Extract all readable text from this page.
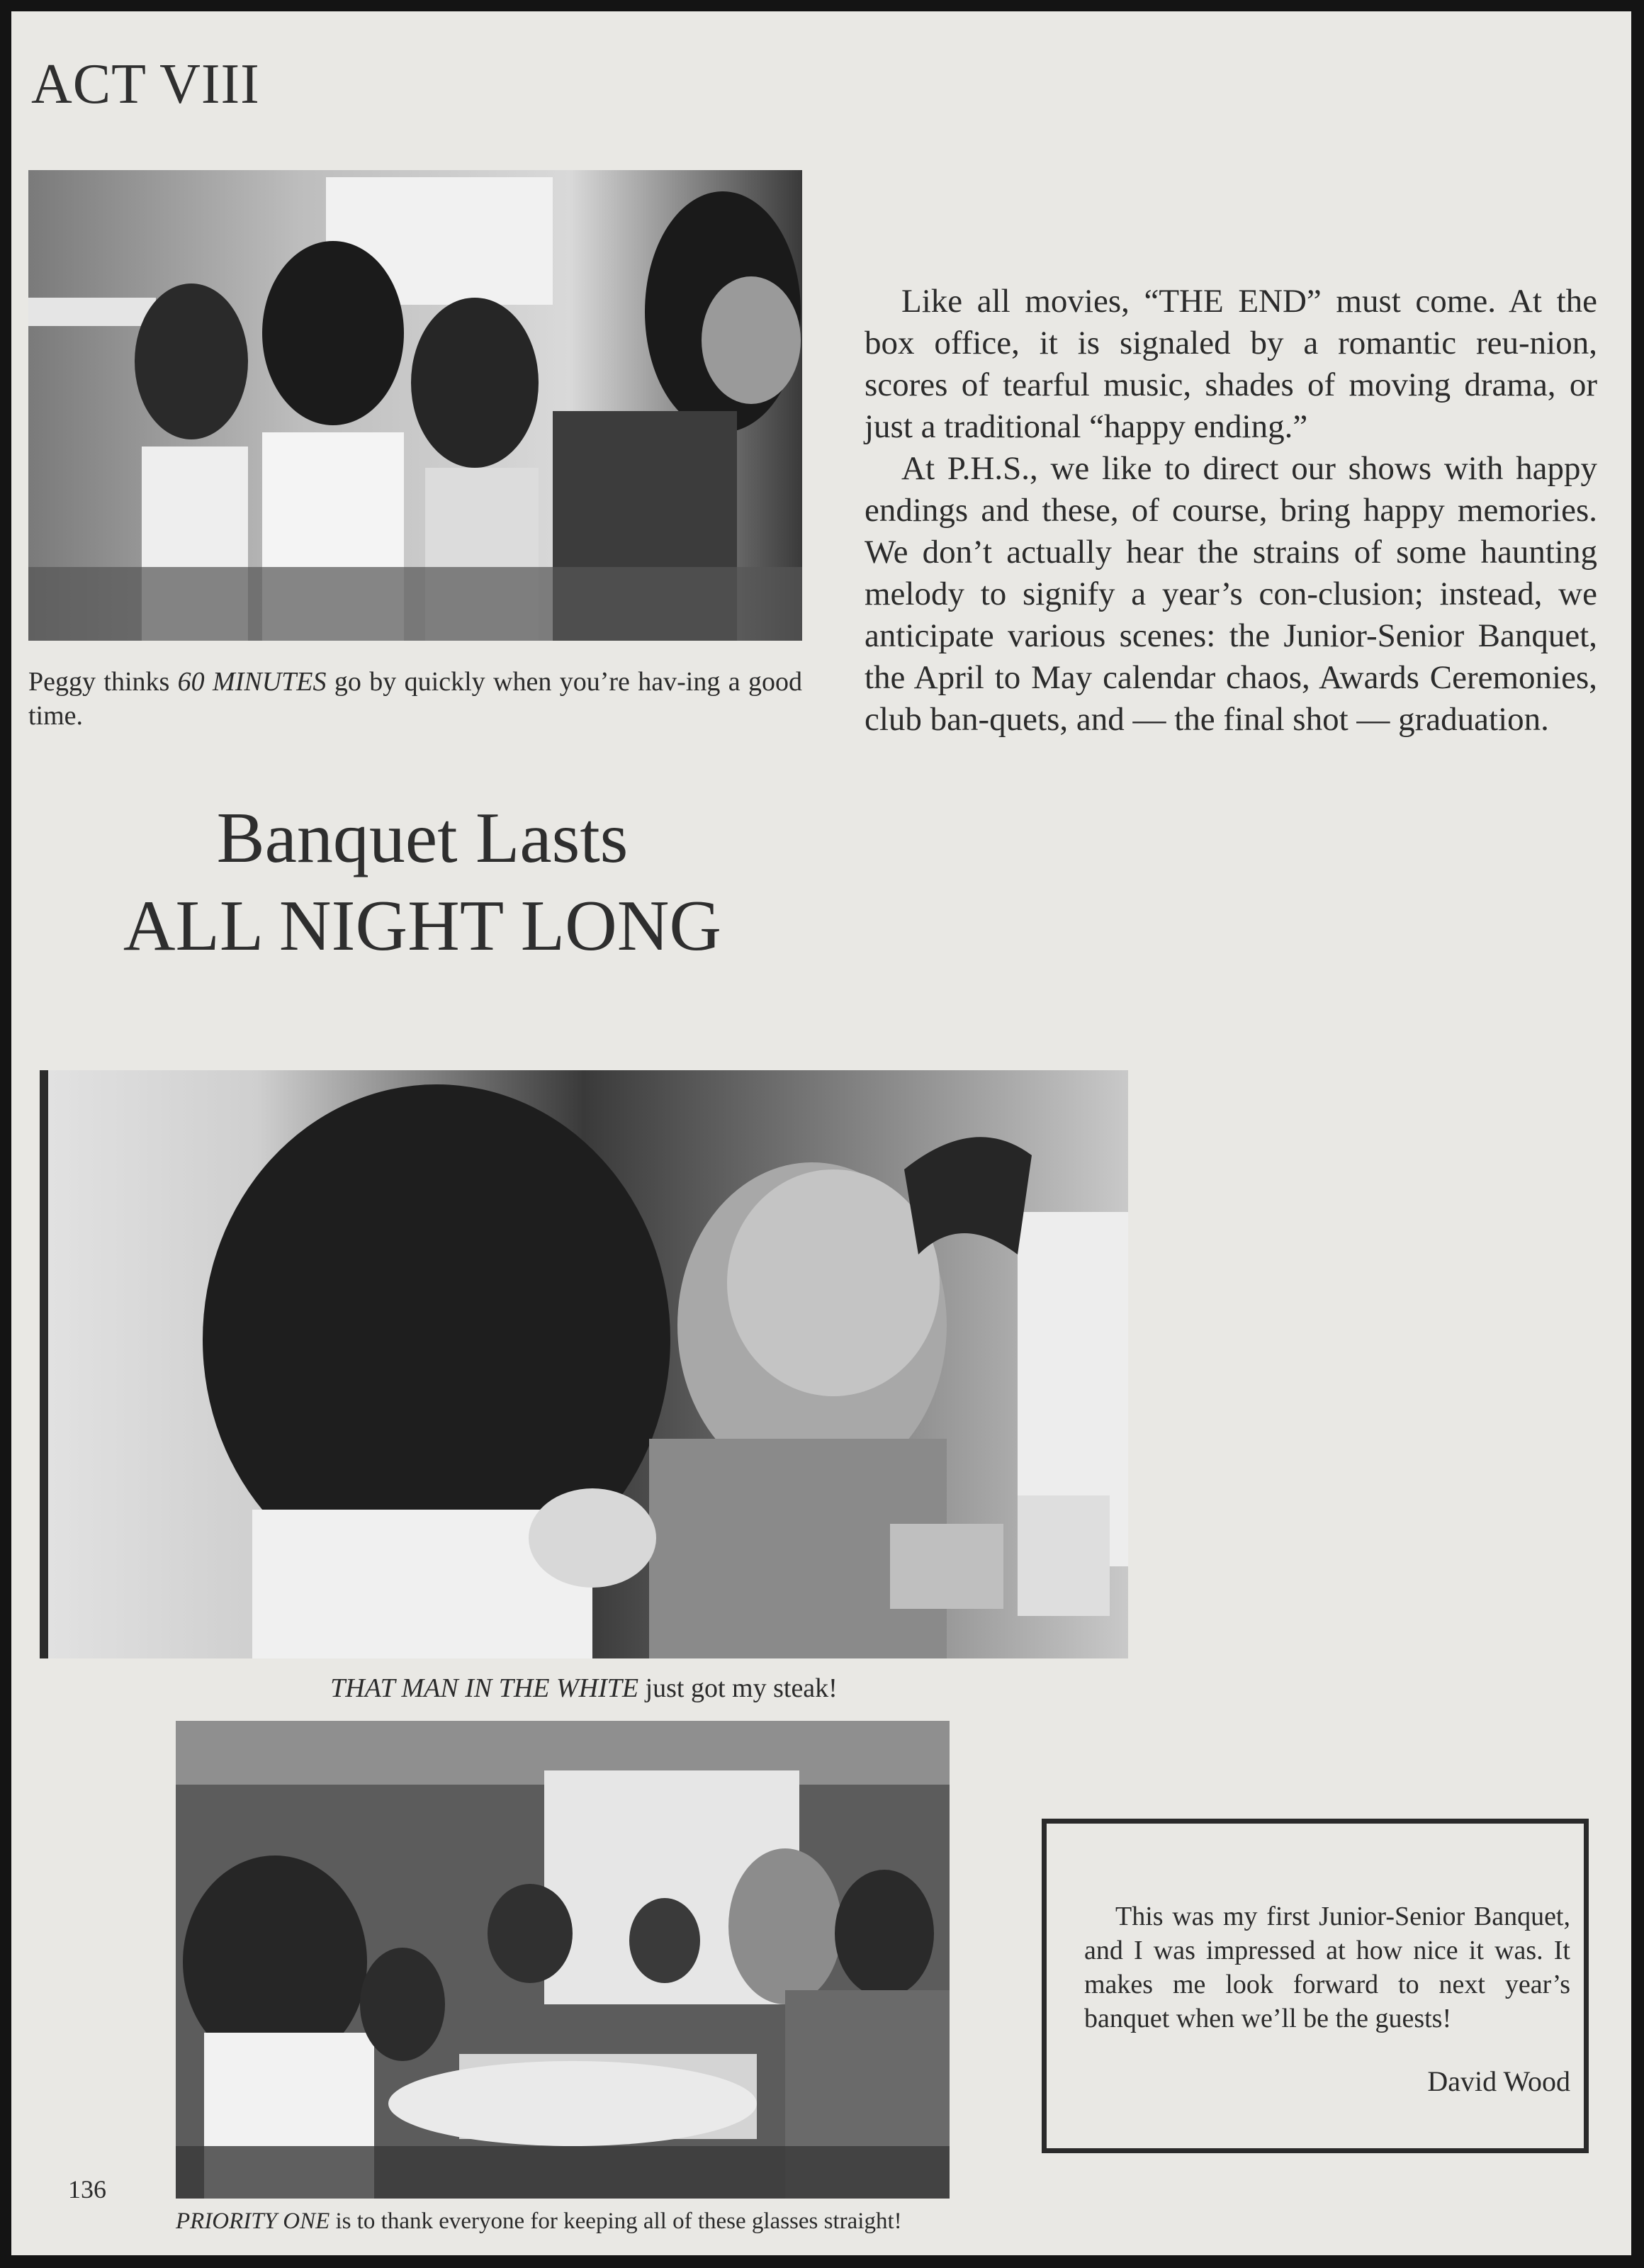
ACT VIII
Peggy thinks 60 MINUTES go by quickly when you’re hav-ing a good time.
Banquet Lasts
ALL NIGHT LONG

Like all movies, “THE END” must come. At the box office, it is signaled by a romantic reu-nion, scores of tearful music, shades of moving drama, or just a traditional “happy ending.”

At P.H.S., we like to direct our shows with happy endings and these, of course, bring happy memories. We don’t actually hear the strains of some haunting melody to signify a year’s con-clusion; instead, we anticipate various scenes: the Junior-Senior Banquet, the April to May calendar chaos, Awards Ceremonies, club ban-quets, and — the final shot — graduation.

THAT MAN IN THE WHITE just got my steak!
PRIORITY ONE is to thank everyone for keeping all of these glasses straight!

This was my first Junior-Senior Banquet, and I was impressed at how nice it was. It makes me look forward to next year’s banquet when we’ll be the guests!

David Wood
136
